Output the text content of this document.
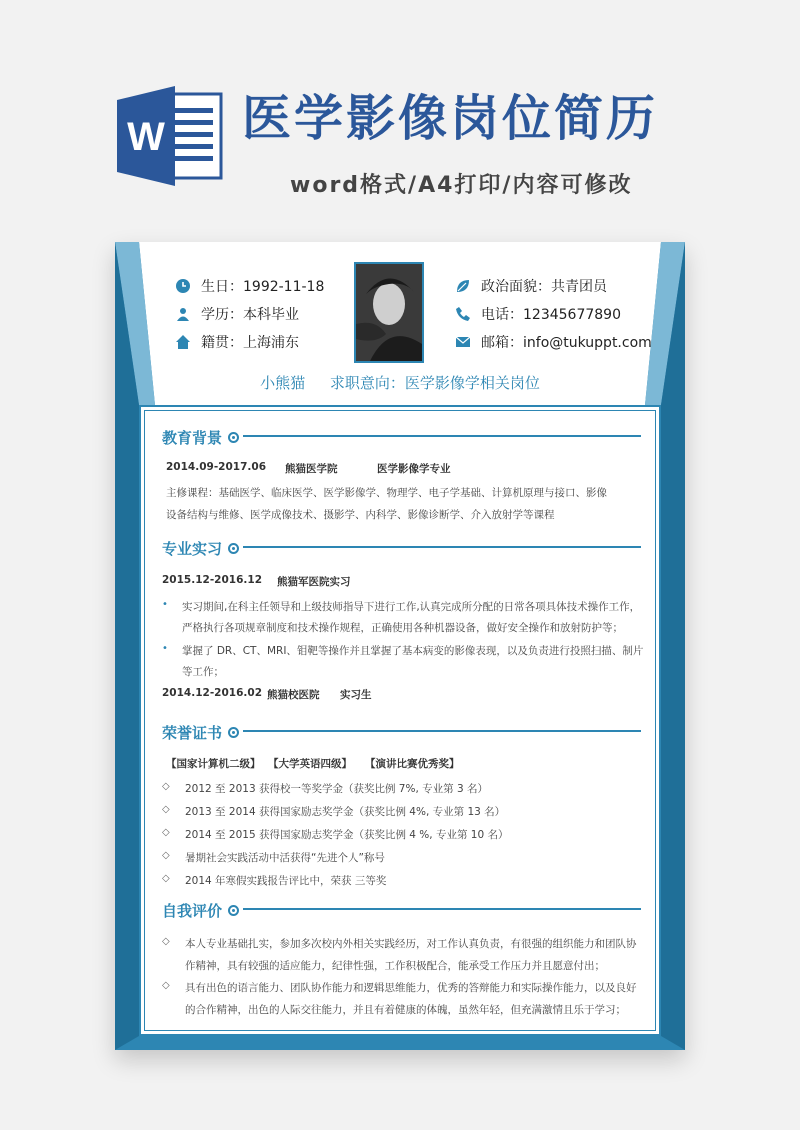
W 医学影像岗位简历
word格式/A4打印/内容可修改
生日：1992-11-18
学历：本科毕业
籍贯：上海浦东
政治面貌：共青团员
电话：12345677890
邮箱：info@tukuppt.com
小熊猫 求职意向：医学影像学相关岗位
教育背景
2014.09-2017.06 熊猫医学院	医学影像学专业
主修课程：基础医学、临床医学、医学影像学、物理学、电子学基础、计算机原理与接口、影像
设备结构与维修、医学成像技术、摄影学、内科学、影像诊断学、介入放射学等课程
专业实习
2015.12-2016.12 熊猫军医院实习
• 实习期间,在科主任领导和上级技师指导下进行工作,认真完成所分配的日常各项具体技术操作工作，
严格执行各项规章制度和技术操作规程，正确使用各种机器设备，做好安全操作和放射防护等；
• 掌握了 DR、CT、MRI、钼靶等操作并且掌握了基本病变的影像表现，以及负责进行投照扫描、制片
等工作；
2014.12-2016.02 熊猫校医院 实习生
荣誉证书
【国家计算机二级】 【大学英语四级】 【演讲比赛优秀奖】
◇ 2012 至 2013 获得校一等奖学金（获奖比例 7%, 专业第 3 名）
◇ 2013 至 2014 获得国家励志奖学金（获奖比例 4%, 专业第 13 名）
◇ 2014 至 2015 获得国家励志奖学金（获奖比例 4 %, 专业第 10 名）
◇ 暑期社会实践活动中活获得“先进个人”称号
◇ 2014 年寒假实践报告评比中，荣获 三等奖
自我评价
◇ 本人专业基础扎实，参加多次校内外相关实践经历，对工作认真负责，有很强的组织能力和团队协
作精神，具有较强的适应能力，纪律性强，工作积极配合，能承受工作压力并且愿意付出；
◇ 具有出色的语言能力、团队协作能力和逻辑思维能力，优秀的答辩能力和实际操作能力，以及良好
的合作精神，出色的人际交往能力，并且有着健康的体魄，虽然年轻，但充满激情且乐于学习；
